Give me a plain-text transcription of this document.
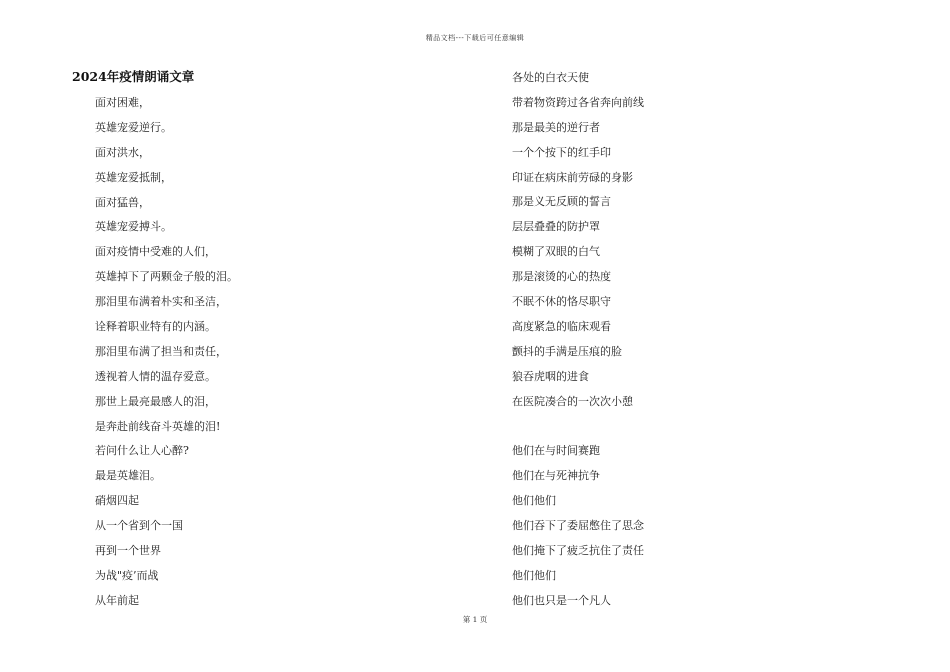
精品文档---下载后可任意编辑
2024年疫情朗诵文章
面对困难，
英雄宠爱逆行。
面对洪水，
英雄宠爱抵制，
面对猛兽，
英雄宠爱搏斗。
面对疫情中受难的人们，
英雄掉下了两颗金子般的泪。
那泪里布满着朴实和圣洁，
诠释着职业特有的内涵。
那泪里布满了担当和责任，
透视着人情的温存爱意。
那世上最亮最感人的泪，
是奔赴前线奋斗英雄的泪!
若问什么让人心醉?
最是英雄泪。
硝烟四起
从一个省到个一国
再到一个世界
为战"疫’而战
从年前起
各处的白衣天使
带着物资跨过各省奔向前线
那是最美的逆行者
一个个按下的红手印
印证在病床前劳碌的身影
那是义无反顾的誓言
层层叠叠的防护罩
模糊了双眼的白气
那是滚烫的心的热度
不眠不休的恪尽职守
高度紧急的临床观看
颤抖的手满是压痕的脸
狼吞虎咽的进食
在医院凑合的一次次小憩
他们在与时间赛跑
他们在与死神抗争
他们他们
他们吞下了委屈憋住了思念
他们掩下了疲乏抗住了责任
他们他们
他们也只是一个凡人
第 1 页
